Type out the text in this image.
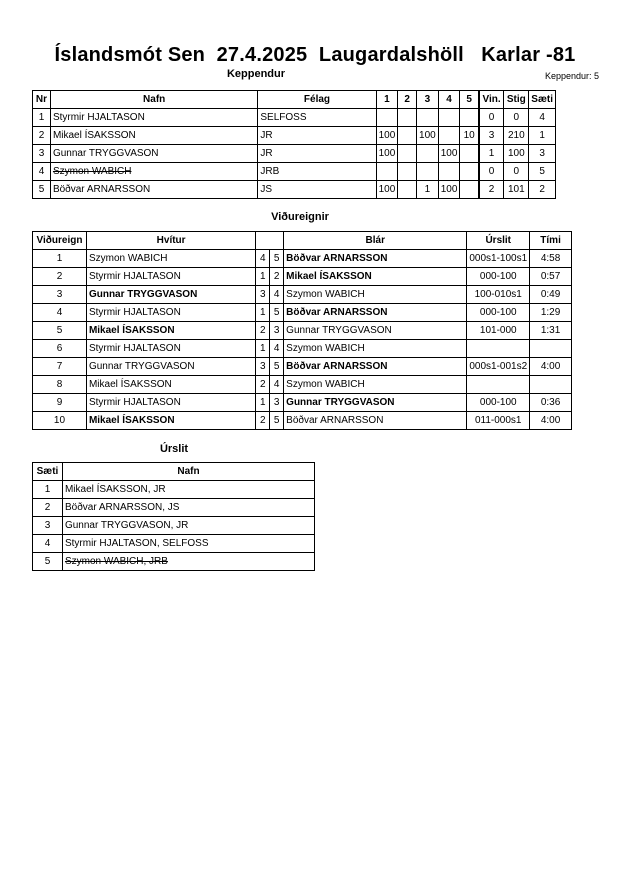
Íslandsmót Sen  27.4.2025  Laugardalshöll   Karlar -81
Keppendur	Keppendur: 5
Nr	Nafn	Félag	1	2	3	4	5	Vin.	Stig	Sæti
1	Styrmir HJALTASON	SELFOSS						0	0	4
2	Mikael ÍSAKSSON	JR	100		100		10	3	210	1
3	Gunnar TRYGGVASON	JR	100			100		1	100	3
4	Szymon WABICH	JRB						0	0	5
5	Böðvar ARNARSSON	JS	100		1	100		2	101	2
Viðureignir
Viðureign	Hvítur			Blár	Úrslit	Tími
1	Szymon WABICH	4	5	Böðvar ARNARSSON	000s1-100s1	4:58
2	Styrmir HJALTASON	1	2	Mikael ÍSAKSSON	000-100	0:57
3	Gunnar TRYGGVASON	3	4	Szymon WABICH	100-010s1	0:49
4	Styrmir HJALTASON	1	5	Böðvar ARNARSSON	000-100	1:29
5	Mikael ÍSAKSSON	2	3	Gunnar TRYGGVASON	101-000	1:31
6	Styrmir HJALTASON	1	4	Szymon WABICH		
7	Gunnar TRYGGVASON	3	5	Böðvar ARNARSSON	000s1-001s2	4:00
8	Mikael ÍSAKSSON	2	4	Szymon WABICH		
9	Styrmir HJALTASON	1	3	Gunnar TRYGGVASON	000-100	0:36
10	Mikael ÍSAKSSON	2	5	Böðvar ARNARSSON	011-000s1	4:00
Úrslit
Sæti	Nafn
1	Mikael ÍSAKSSON, JR
2	Böðvar ARNARSSON, JS
3	Gunnar TRYGGVASON, JR
4	Styrmir HJALTASON, SELFOSS
5	Szymon WABICH, JRB
